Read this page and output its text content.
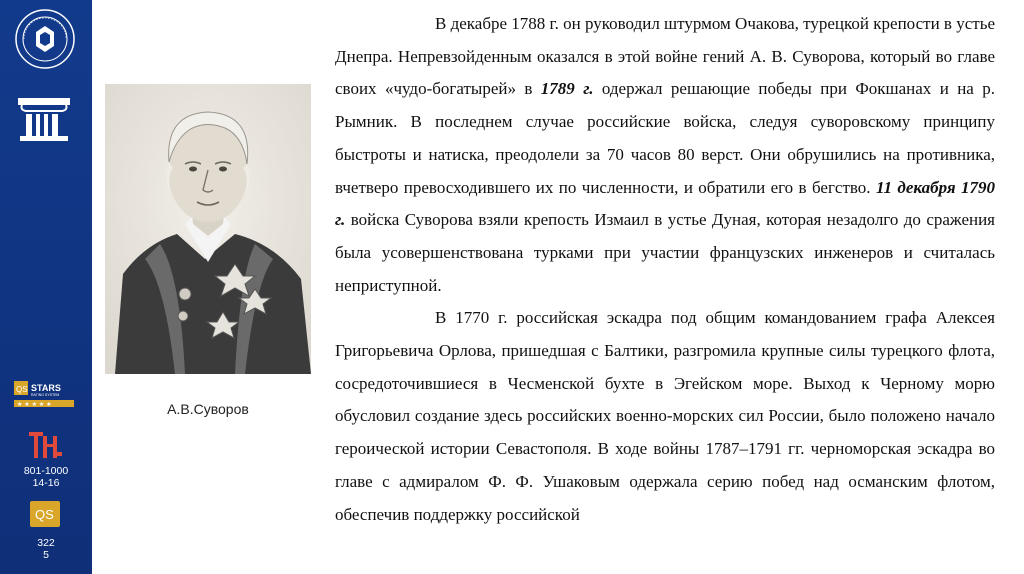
QS STARS
RATING SYSTEM
★ ★ ★ ★ ★
801-1000
14-16
QS
322
5
А.В.Суворов

В декабре 1788 г. он руководил штурмом Очакова, турецкой крепости в устье Днепра. Непревзойденным оказался в этой войне гений А. В. Суворова, который во главе своих «чудо-богатырей» в 1789 г. одержал решающие победы при Фокшанах и на р. Рымник. В последнем случае российские войска, следуя суворовскому принципу быстроты и натиска, преодолели за 70 часов 80 верст. Они обрушились на противника, вчетверо превосходившего их по численности, и обратили его в бегство. 11 декабря 1790 г. войска Суворова взяли крепость Измаил в устье Дуная, которая незадолго до сражения была усовершенствована турками при участии французских инженеров и считалась неприступной.

В 1770 г. российская эскадра под общим командованием графа Алексея Григорьевича Орлова, пришедшая с Балтики, разгромила крупные силы турецкого флота, сосредоточившиеся в Чесменской бухте в Эгейском море. Выход к Черному морю обусловил создание здесь российских военно-морских сил России, было положено начало героической истории Севастополя. В ходе войны 1787–1791 гг. черноморская эскадра во главе с адмиралом Ф. Ф. Ушаковым одержала серию побед над османским флотом, обеспечив поддержку российской
